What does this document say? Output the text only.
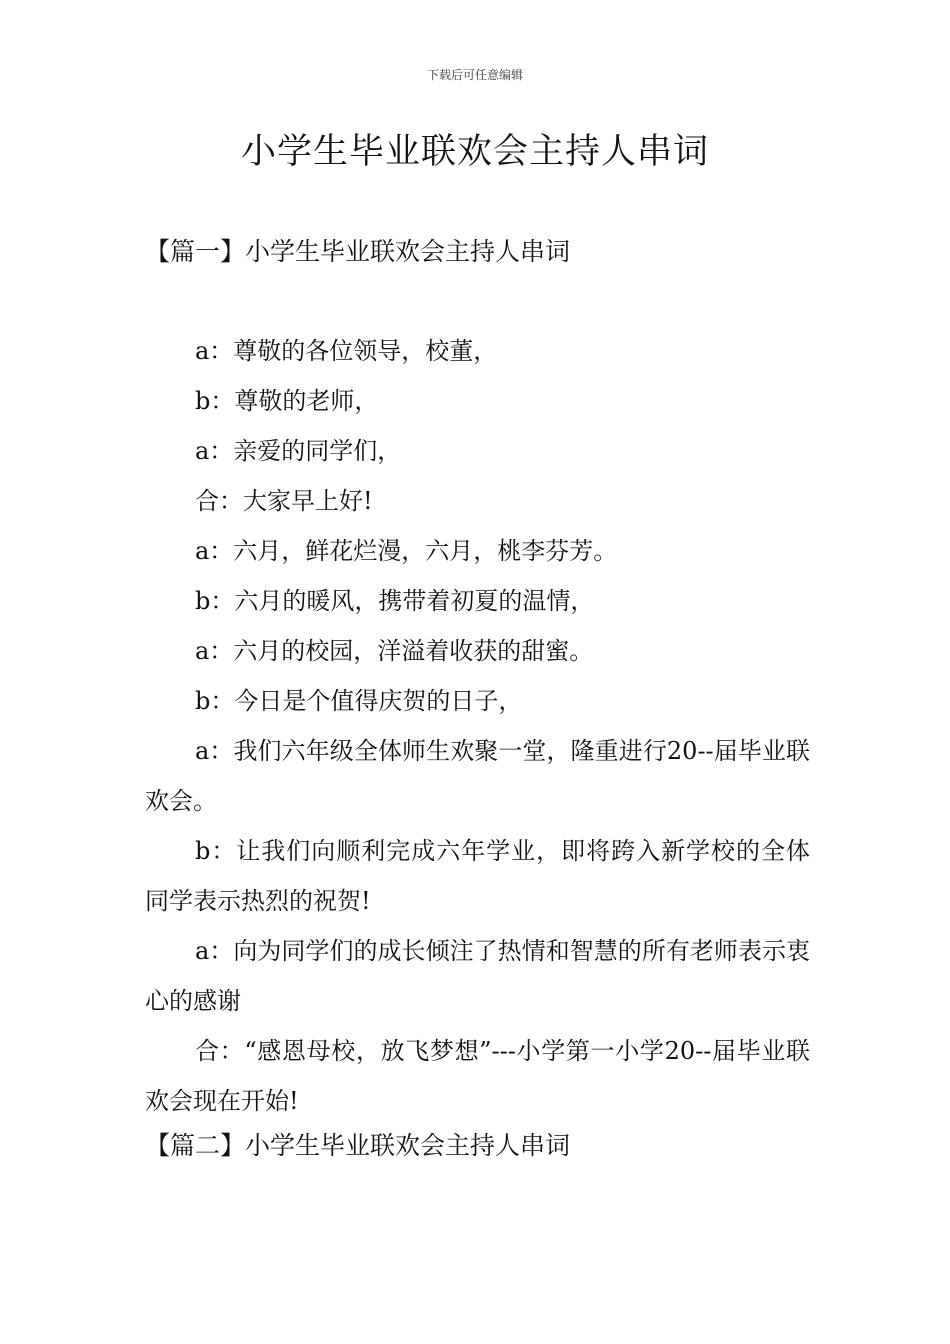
下载后可任意编辑
小学生毕业联欢会主持人串词
【篇一】小学生毕业联欢会主持人串词

a：尊敬的各位领导，校董，

b：尊敬的老师，

a：亲爱的同学们，

合：大家早上好!

a：六月，鲜花烂漫，六月，桃李芬芳。

b：六月的暖风，携带着初夏的温情，

a：六月的校园，洋溢着收获的甜蜜。

b：今日是个值得庆贺的日子，

a：我们六年级全体师生欢聚一堂，隆重进行20--届毕业联欢会。

b：让我们向顺利完成六年学业，即将跨入新学校的全体同学表示热烈的祝贺!

a：向为同学们的成长倾注了热情和智慧的所有老师表示衷心的感谢

合：“感恩母校，放飞梦想”---小学第一小学20--届毕业联欢会现在开始!

【篇二】小学生毕业联欢会主持人串词
